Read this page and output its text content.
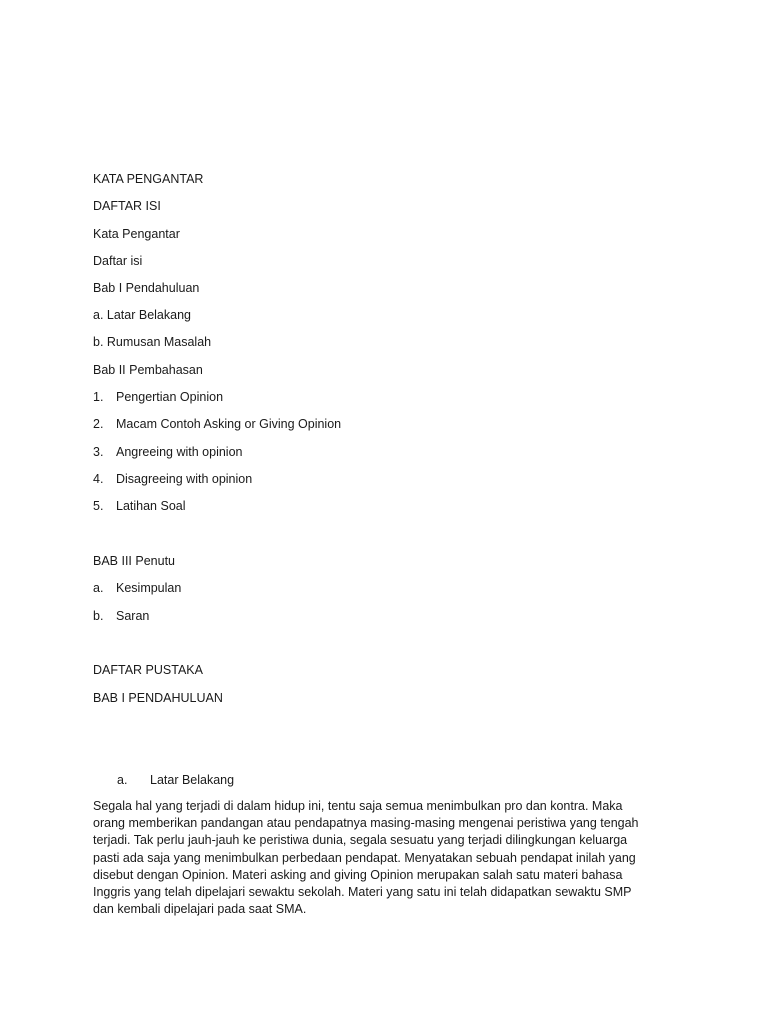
KATA PENGANTAR
DAFTAR ISI
Kata Pengantar
Daftar isi
Bab I Pendahuluan
a. Latar Belakang
b. Rumusan Masalah
Bab II Pembahasan
1. Pengertian Opinion
2. Macam Contoh Asking or Giving Opinion
3. Angreeing with opinion
4. Disagreeing with opinion
5. Latihan Soal
BAB III Penutu
a. Kesimpulan
b. Saran
DAFTAR PUSTAKA
BAB I PENDAHULUAN
a. Latar Belakang
Segala hal yang terjadi di dalam hidup ini, tentu saja semua menimbulkan pro dan kontra. Maka
orang memberikan pandangan atau pendapatnya masing-masing mengenai peristiwa yang tengah
terjadi. Tak perlu jauh-jauh ke peristiwa dunia, segala sesuatu yang terjadi dilingkungan keluarga
pasti ada saja yang menimbulkan perbedaan pendapat. Menyatakan sebuah pendapat inilah yang
disebut dengan Opinion. Materi asking and giving Opinion merupakan salah satu materi bahasa
Inggris yang telah dipelajari sewaktu sekolah. Materi yang satu ini telah didapatkan sewaktu SMP
dan kembali dipelajari pada saat SMA.
